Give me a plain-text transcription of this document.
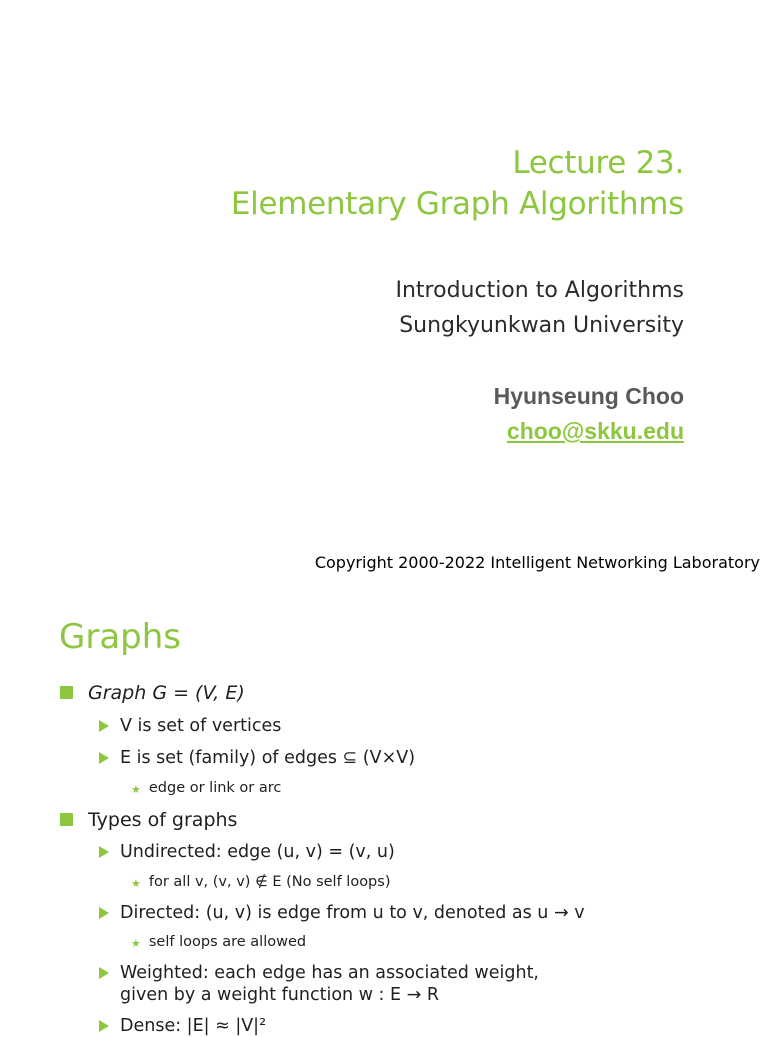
Lecture 23.
Elementary Graph Algorithms
Introduction to Algorithms
Sungkyunkwan University
Hyunseung Choo
choo@skku.edu
Copyright 2000-2022 Intelligent Networking Laboratory
Graphs
Graph G = (V, E)
V is set of vertices
E is set (family) of edges ⊆ (V×V)
★ edge or link or arc
Types of graphs
Undirected: edge (u, v) = (v, u)
★ for all v, (v, v) ∉ E (No self loops)
Directed: (u, v) is edge from u to v, denoted as u → v
★ self loops are allowed
Weighted: each edge has an associated weight,
given by a weight function w : E → R
Dense: |E| ≈ |V|²
